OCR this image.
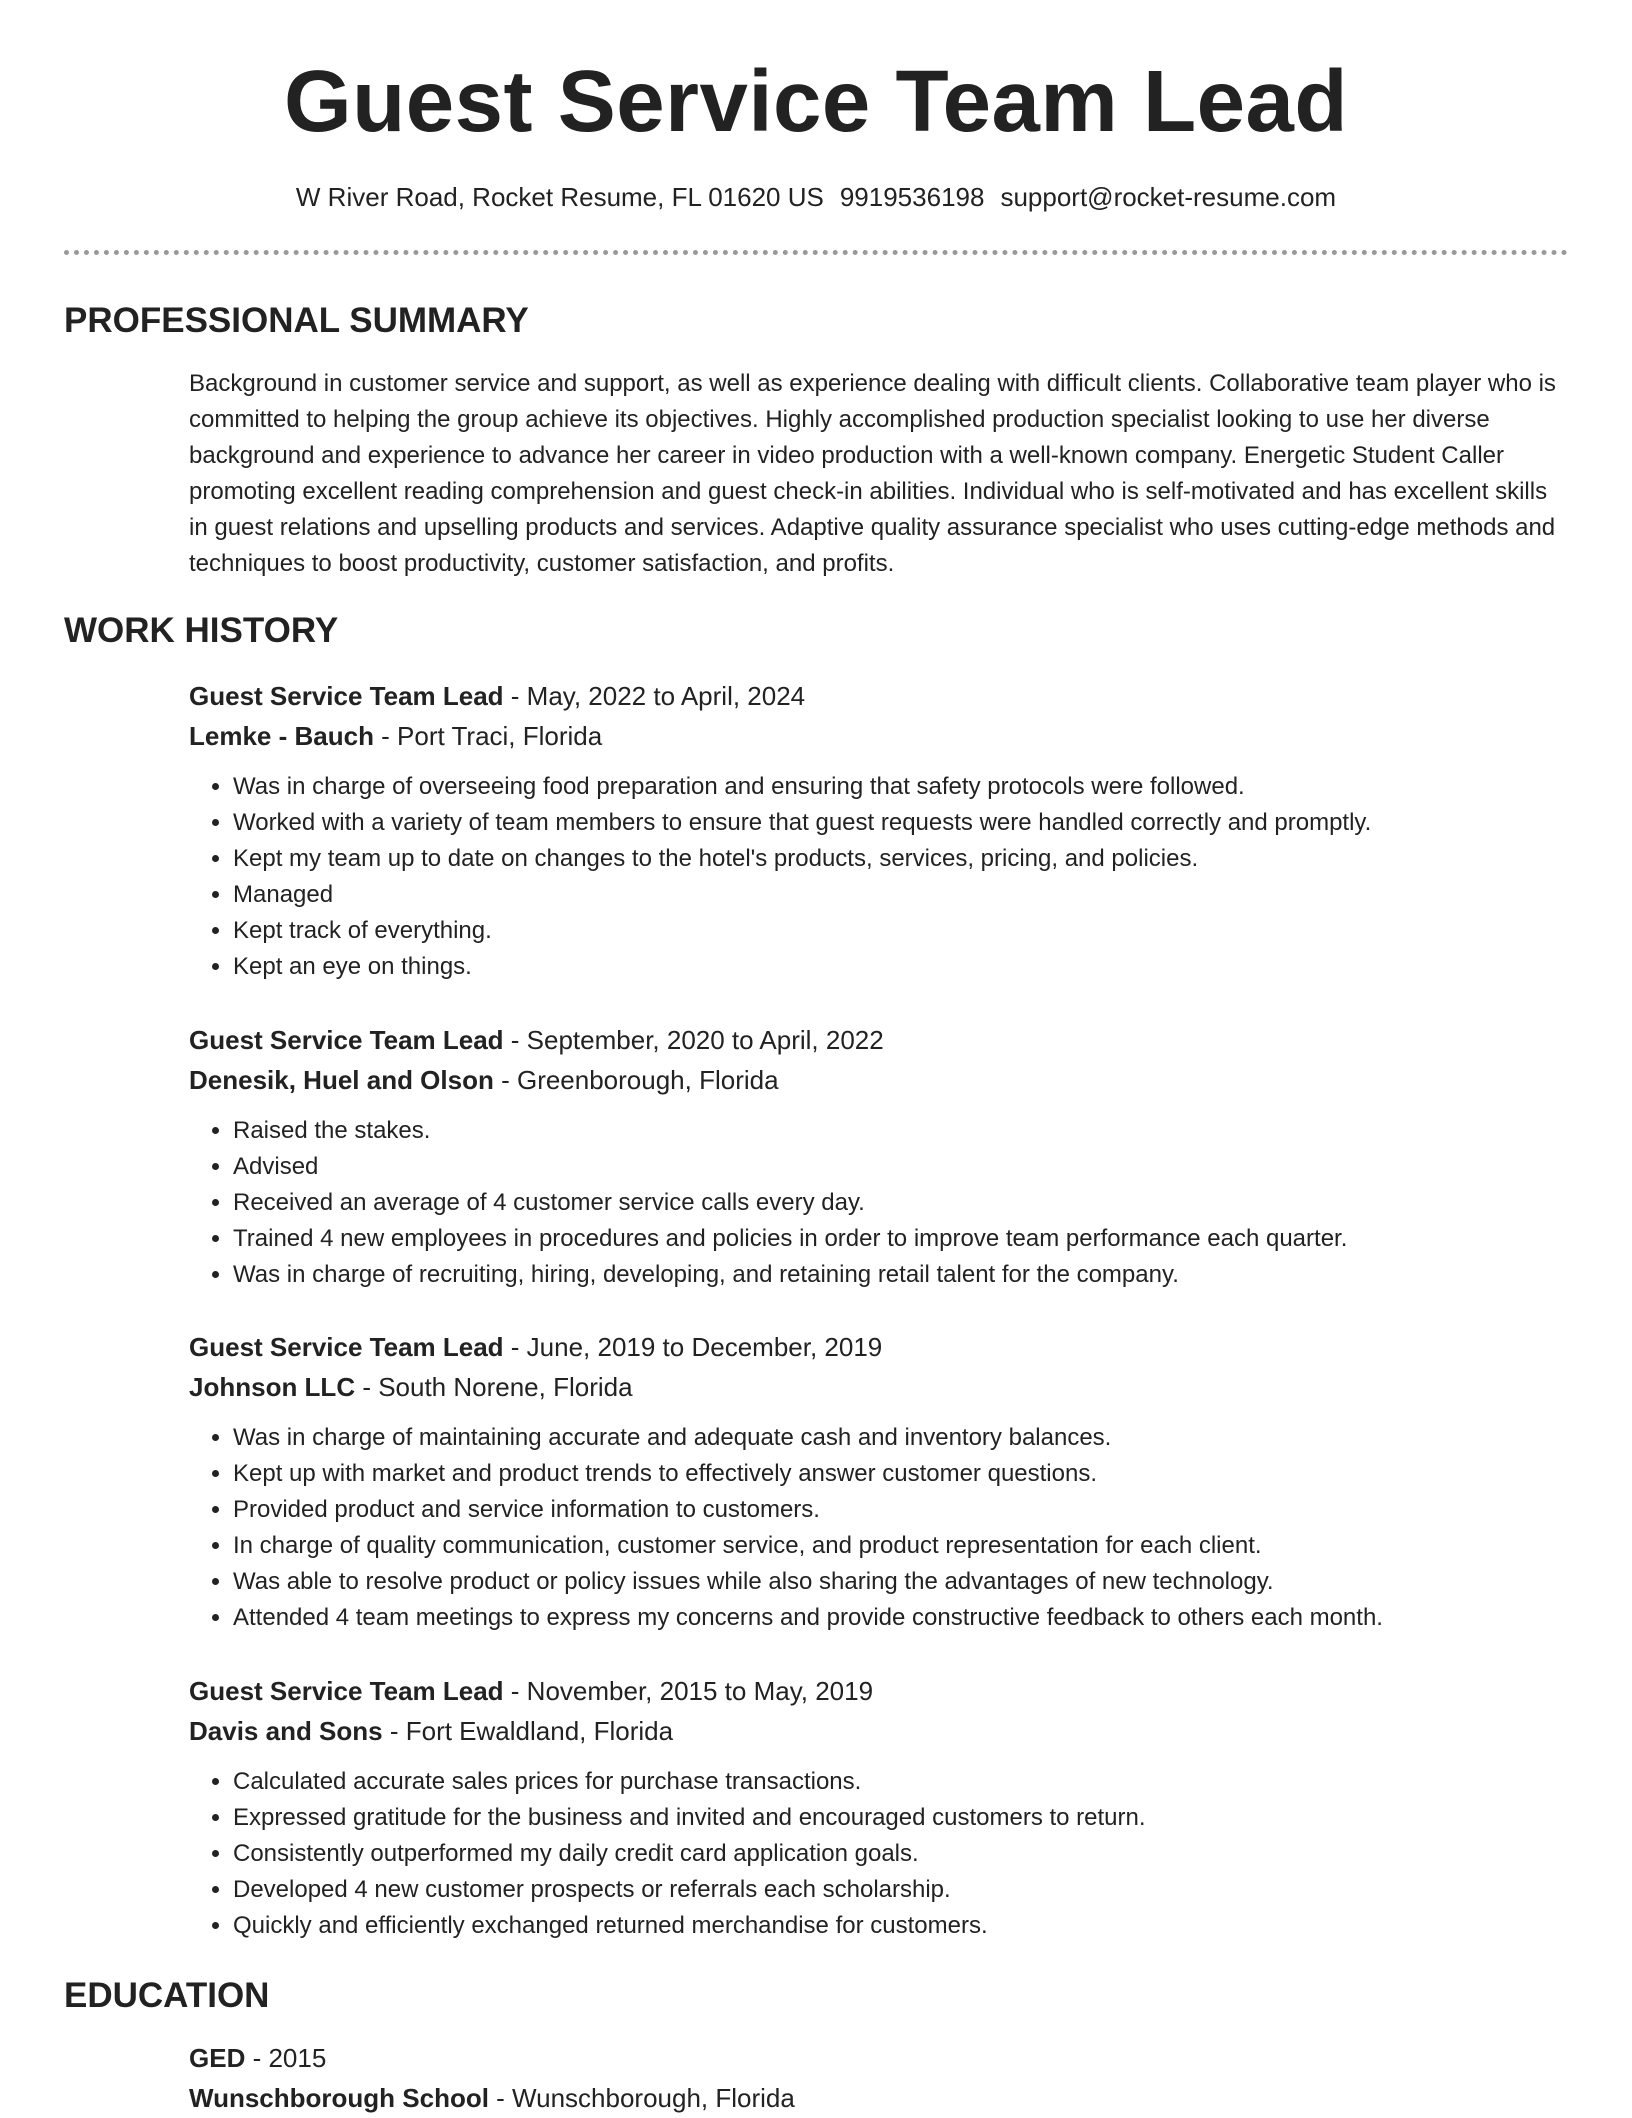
Guest Service Team Lead
W River Road, Rocket Resume, FL 01620 US 9919536198 support@rocket-resume.com
PROFESSIONAL SUMMARY

Background in customer service and support, as well as experience dealing with difficult clients. Collaborative team player who is committed to helping the group achieve its objectives. Highly accomplished production specialist looking to use her diverse background and experience to advance her career in video production with a well-known company. Energetic Student Caller promoting excellent reading comprehension and guest check-in abilities. Individual who is self-motivated and has excellent skills in guest relations and upselling products and services. Adaptive quality assurance specialist who uses cutting-edge methods and techniques to boost productivity, customer satisfaction, and profits.

WORK HISTORY
Guest Service Team Lead - May, 2022 to April, 2024
Lemke - Bauch - Port Traci, Florida
• Was in charge of overseeing food preparation and ensuring that safety protocols were followed.
• Worked with a variety of team members to ensure that guest requests were handled correctly and promptly.
• Kept my team up to date on changes to the hotel's products, services, pricing, and policies.
• Managed
• Kept track of everything.
• Kept an eye on things.
Guest Service Team Lead - September, 2020 to April, 2022
Denesik, Huel and Olson - Greenborough, Florida
• Raised the stakes.
• Advised
• Received an average of 4 customer service calls every day.
• Trained 4 new employees in procedures and policies in order to improve team performance each quarter.
• Was in charge of recruiting, hiring, developing, and retaining retail talent for the company.
Guest Service Team Lead - June, 2019 to December, 2019
Johnson LLC - South Norene, Florida
• Was in charge of maintaining accurate and adequate cash and inventory balances.
• Kept up with market and product trends to effectively answer customer questions.
• Provided product and service information to customers.
• In charge of quality communication, customer service, and product representation for each client.
• Was able to resolve product or policy issues while also sharing the advantages of new technology.
• Attended 4 team meetings to express my concerns and provide constructive feedback to others each month.
Guest Service Team Lead - November, 2015 to May, 2019
Davis and Sons - Fort Ewaldland, Florida
• Calculated accurate sales prices for purchase transactions.
• Expressed gratitude for the business and invited and encouraged customers to return.
• Consistently outperformed my daily credit card application goals.
• Developed 4 new customer prospects or referrals each scholarship.
• Quickly and efficiently exchanged returned merchandise for customers.
EDUCATION
GED - 2015
Wunschborough School - Wunschborough, Florida
